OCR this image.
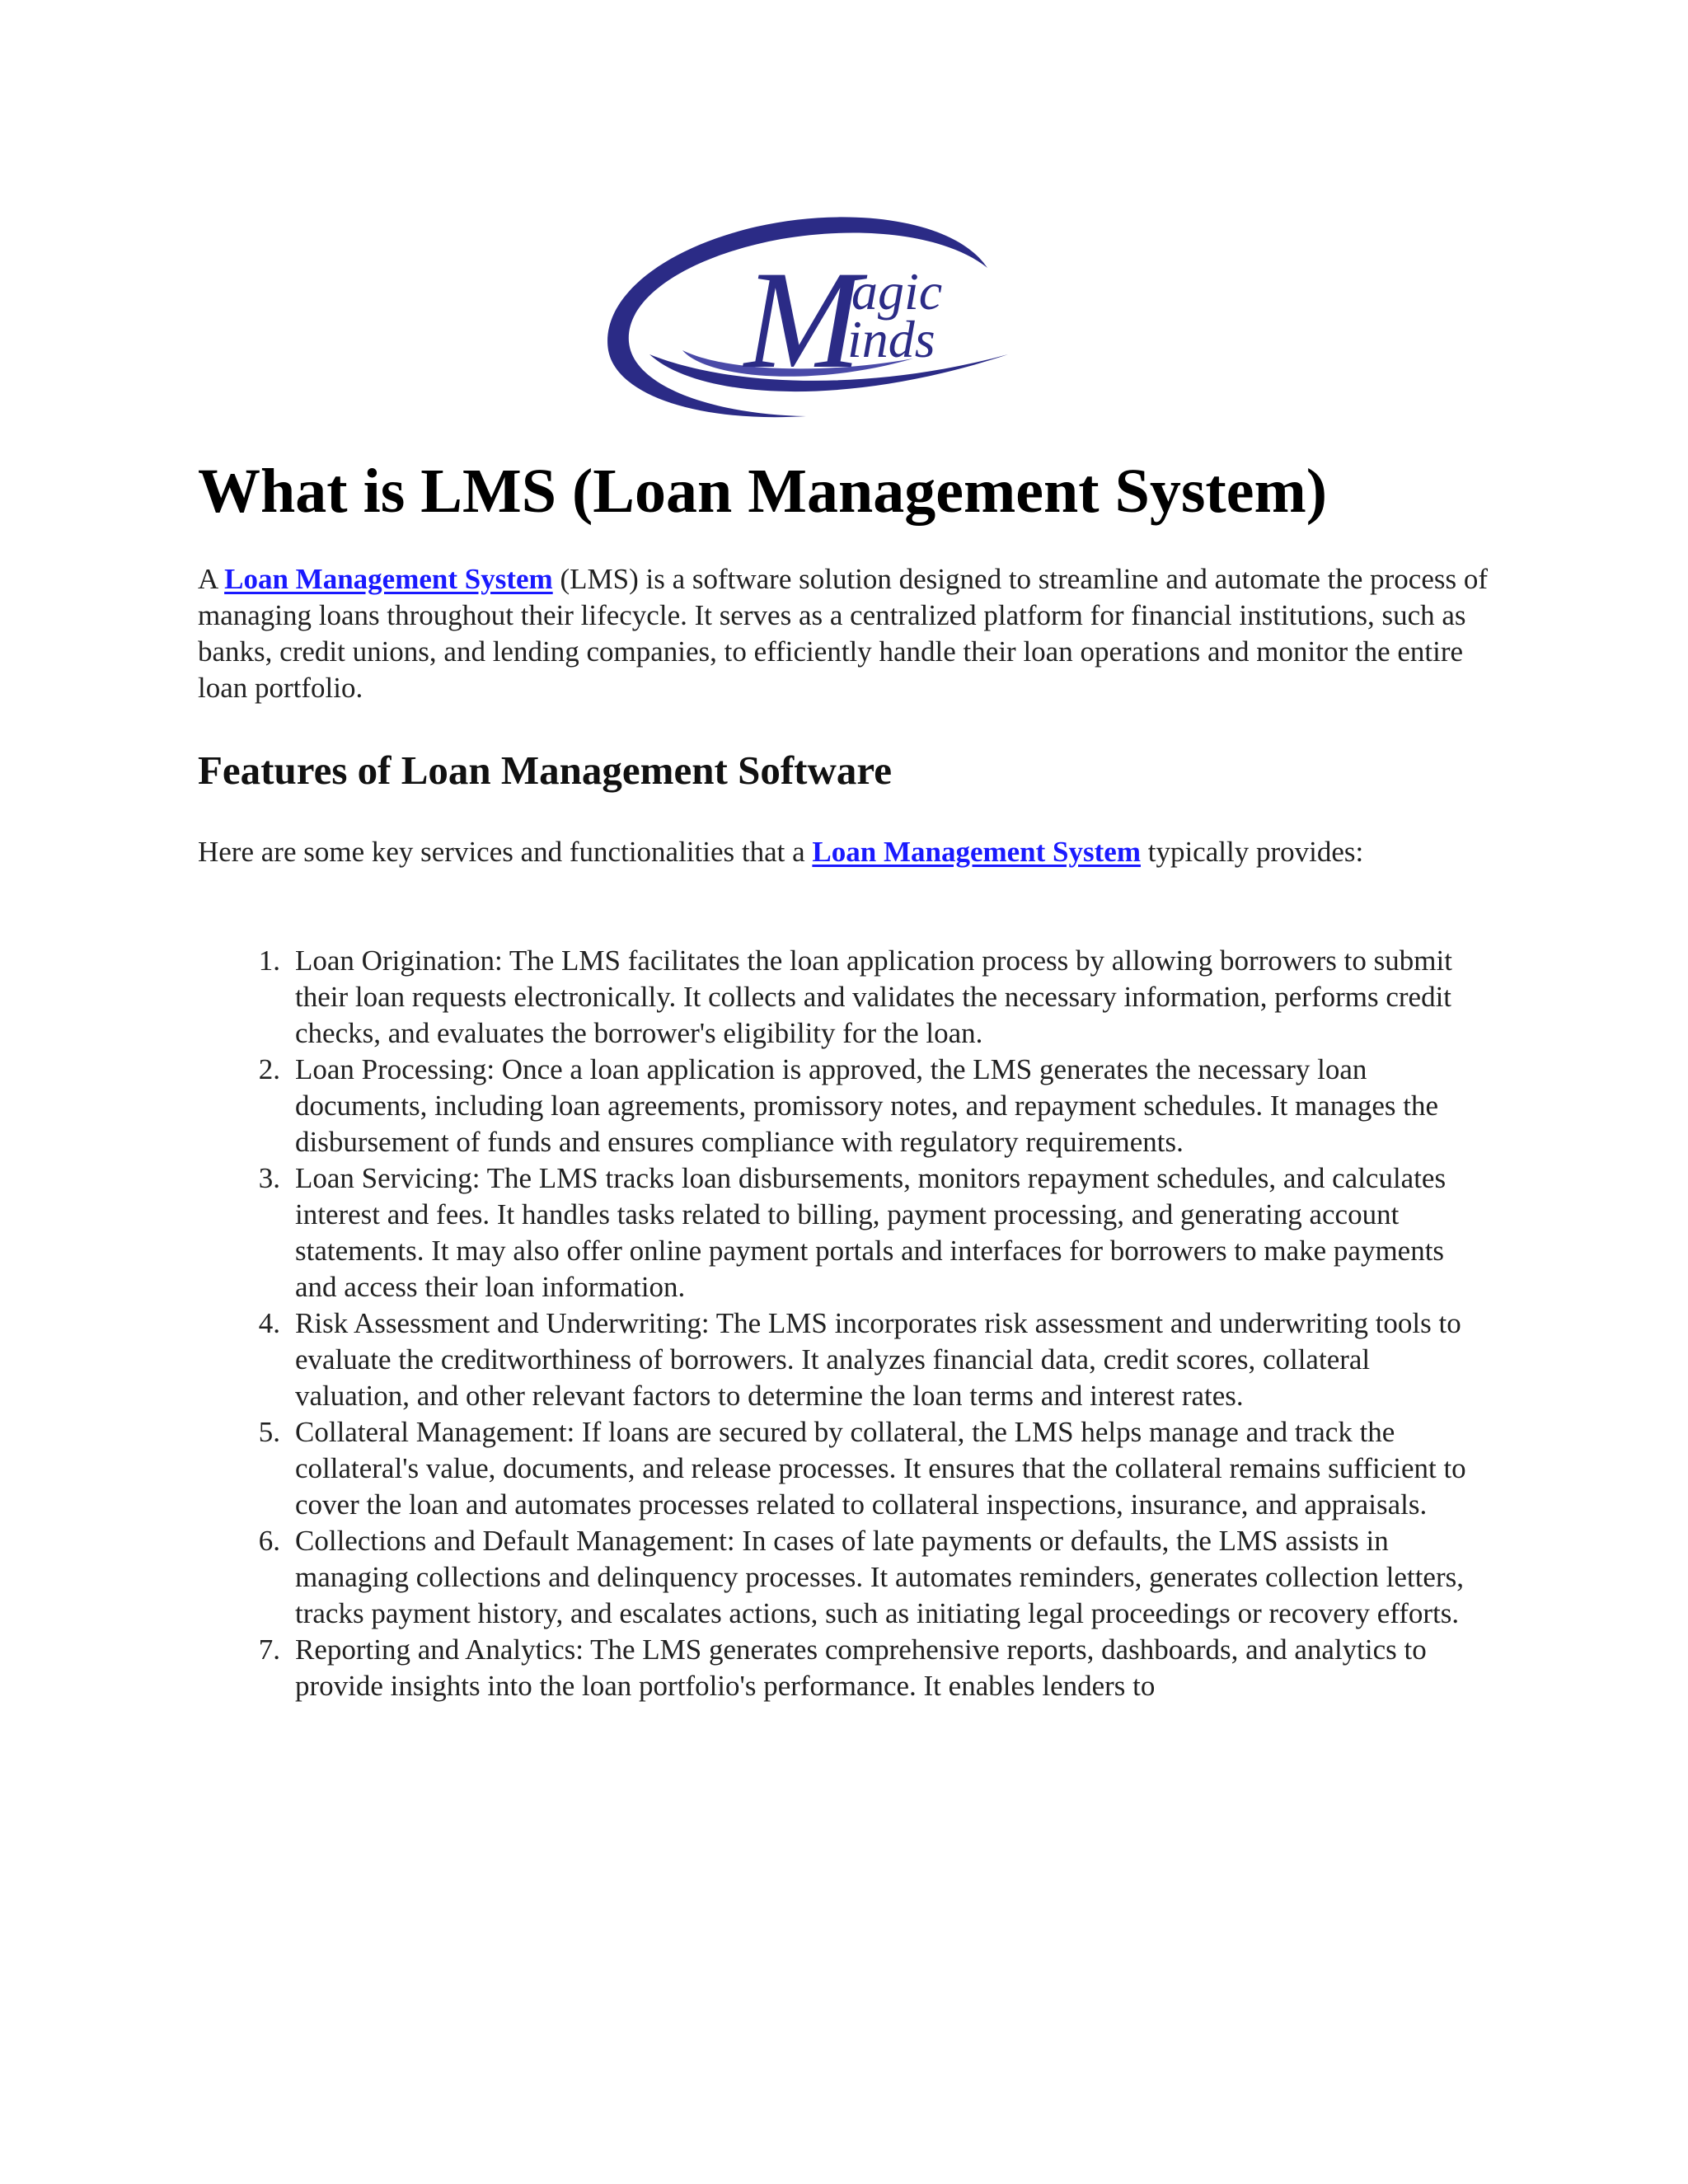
M
agic
inds
What is LMS (Loan Management System)

A Loan Management System (LMS) is a software solution designed to streamline and automate the process of managing loans throughout their lifecycle. It serves as a centralized platform for financial institutions, such as banks, credit unions, and lending companies, to efficiently handle their loan operations and monitor the entire loan portfolio.

Features of Loan Management Software

Here are some key services and functionalities that a Loan Management System typically provides:

1. Loan Origination: The LMS facilitates the loan application process by allowing borrowers to submit their loan requests electronically. It collects and validates the necessary information, performs credit checks, and evaluates the borrower's eligibility for the loan.
2. Loan Processing: Once a loan application is approved, the LMS generates the necessary loan documents, including loan agreements, promissory notes, and repayment schedules. It manages the disbursement of funds and ensures compliance with regulatory requirements.
3. Loan Servicing: The LMS tracks loan disbursements, monitors repayment schedules, and calculates interest and fees. It handles tasks related to billing, payment processing, and generating account statements. It may also offer online payment portals and interfaces for borrowers to make payments and access their loan information.
4. Risk Assessment and Underwriting: The LMS incorporates risk assessment and underwriting tools to evaluate the creditworthiness of borrowers. It analyzes financial data, credit scores, collateral valuation, and other relevant factors to determine the loan terms and interest rates.
5. Collateral Management: If loans are secured by collateral, the LMS helps manage and track the collateral's value, documents, and release processes. It ensures that the collateral remains sufficient to cover the loan and automates processes related to collateral inspections, insurance, and appraisals.
6. Collections and Default Management: In cases of late payments or defaults, the LMS assists in managing collections and delinquency processes. It automates reminders, generates collection letters, tracks payment history, and escalates actions, such as initiating legal proceedings or recovery efforts.
7. Reporting and Analytics: The LMS generates comprehensive reports, dashboards, and analytics to provide insights into the loan portfolio's performance. It enables lenders to
